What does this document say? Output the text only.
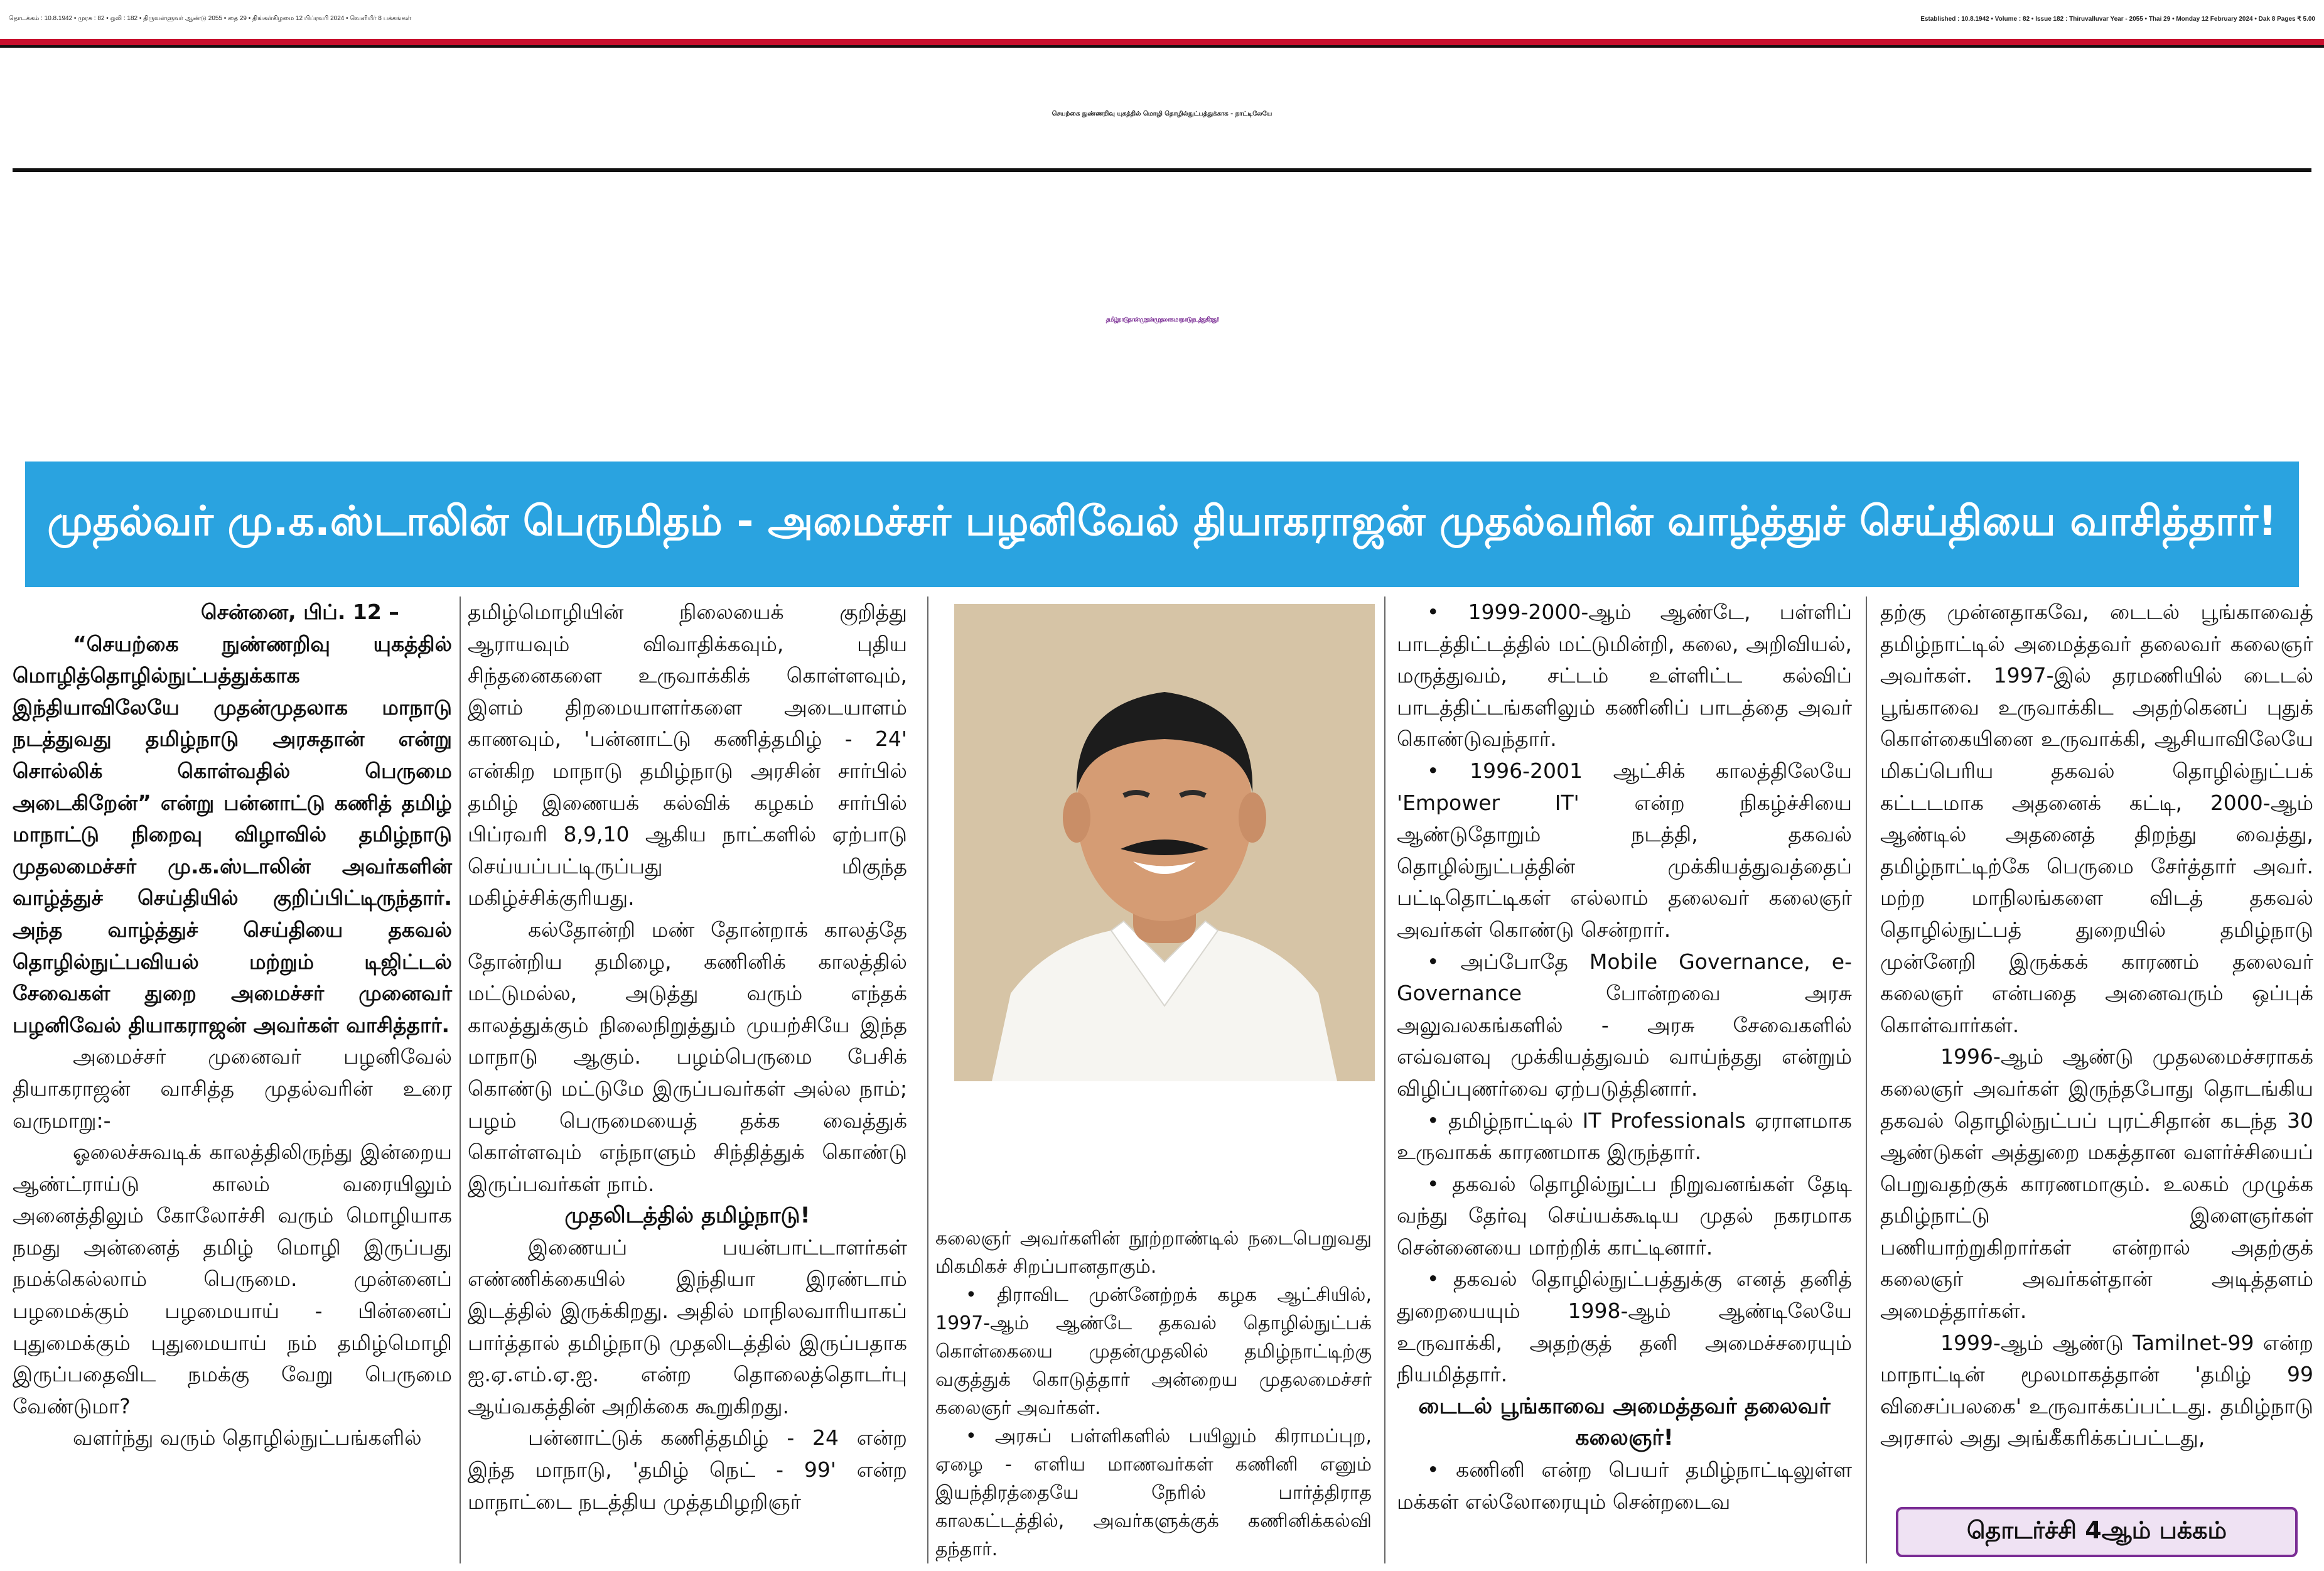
தொடக்கம் : 10.8.1942 • முரசு : 82 • ஒலி : 182 • திருவள்ளுவர் ஆண்டு 2055 • தை 29 • திங்கள்கிழமை 12 பிப்ரவரி 2024 • வெளியீர் 8 பக்கங்கள்	Established : 10.8.1942 • Volume : 82 • Issue 182 : Thiruvalluvar Year - 2055 • Thai 29 • Monday 12 February 2024 • Dak 8 Pages ₹ 5.00
செயற்கை நுண்ணறிவு யுகத்தில் மொழி தொழில்நுட்பத்துக்காக - நாட்டிலேயே
தமிழ்நாடுதான் முதன் முதலாக மாநாடு நடத்துகிறது!
முதல்வர் மு.க.ஸ்டாலின் பெருமிதம் - அமைச்சர் பழனிவேல் தியாகராஜன் முதல்வரின் வாழ்த்துச் செய்தியை வாசித்தார்!

சென்னை, பிப். 12 –

“செயற்கை நுண்ணறிவு யுகத்தில் மொழித்தொழில்நுட்பத்துக்காக இந்தியாவிலேயே முதன்முதலாக மாநாடு நடத்துவது தமிழ்நாடு அரசுதான் என்று சொல்லிக் கொள்வதில் பெருமை அடைகிறேன்” என்று பன்னாட்டு கணித் தமிழ் மாநாட்டு நிறைவு விழாவில் தமிழ்நாடு முதலமைச்சர் மு.க.ஸ்டாலின் அவர்களின் வாழ்த்துச் செய்தியில் குறிப்பிட்டிருந்தார். அந்த வாழ்த்துச் செய்தியை தகவல் தொழில்நுட்பவியல் மற்றும் டிஜிட்டல் சேவைகள் துறை அமைச்சர் முனைவர் பழனிவேல் தியாகராஜன் அவர்கள் வாசித்தார்.

அமைச்சர் முனைவர் பழனிவேல் தியாகராஜன் வாசித்த முதல்வரின் உரை வருமாறு:-

ஓலைச்சுவடிக் காலத்திலிருந்து இன்றைய ஆண்ட்ராய்டு காலம் வரையிலும் அனைத்திலும் கோலோச்சி வரும் மொழியாக நமது அன்னைத் தமிழ் மொழி இருப்பது நமக்கெல்லாம் பெருமை. முன்னைப் பழமைக்கும் பழமையாய் - பின்னைப் புதுமைக்கும் புதுமையாய் நம் தமிழ்மொழி இருப்பதைவிட நமக்கு வேறு பெருமை வேண்டுமா?

வளர்ந்து வரும் தொழில்நுட்பங்களில்

தமிழ்மொழியின் நிலையைக் குறித்து ஆராயவும் விவாதிக்கவும், புதிய சிந்தனைகளை உருவாக்கிக் கொள்ளவும், இளம் திறமையாளர்களை அடையாளம் காணவும், 'பன்னாட்டு கணித்தமிழ் - 24' என்கிற மாநாடு தமிழ்நாடு அரசின் சார்பில் தமிழ் இணையக் கல்விக் கழகம் சார்பில் பிப்ரவரி 8,9,10 ஆகிய நாட்களில் ஏற்பாடு செய்யப்பட்டிருப்பது மிகுந்த மகிழ்ச்சிக்குரியது.

கல்தோன்றி மண் தோன்றாக் காலத்தே தோன்றிய தமிழை, கணினிக் காலத்தில் மட்டுமல்ல, அடுத்து வரும் எந்தக் காலத்துக்கும் நிலைநிறுத்தும் முயற்சியே இந்த மாநாடு ஆகும். பழம்பெருமை பேசிக் கொண்டு மட்டுமே இருப்பவர்கள் அல்ல நாம்; பழம் பெருமையைத் தக்க வைத்துக் கொள்ளவும் எந்நாளும் சிந்தித்துக் கொண்டு இருப்பவர்கள் நாம்.

முதலிடத்தில் தமிழ்நாடு!

இணையப் பயன்பாட்டாளர்கள் எண்ணிக்கையில் இந்தியா இரண்டாம் இடத்தில் இருக்கிறது. அதில் மாநிலவாரியாகப் பார்த்தால் தமிழ்நாடு முதலிடத்தில் இருப்பதாக ஐ.ஏ.எம்.ஏ.ஐ. என்ற தொலைத்தொடர்பு ஆய்வகத்தின் அறிக்கை கூறுகிறது.

பன்னாட்டுக் கணித்தமிழ் - 24 என்ற இந்த மாநாடு, 'தமிழ் நெட் - 99' என்ற மாநாட்டை நடத்திய முத்தமிழறிஞர்

கலைஞர் அவர்களின் நூற்றாண்டில் நடைபெறுவது மிகமிகச் சிறப்பானதாகும்.

• திராவிட முன்னேற்றக் கழக ஆட்சியில், 1997-ஆம் ஆண்டே தகவல் தொழில்நுட்பக் கொள்கையை முதன்முதலில் தமிழ்நாட்டிற்கு வகுத்துக் கொடுத்தார் அன்றைய முதலமைச்சர் கலைஞர் அவர்கள்.

• அரசுப் பள்ளிகளில் பயிலும் கிராமப்புற, ஏழை - எளிய மாணவர்கள் கணினி எனும் இயந்திரத்தையே நேரில் பார்த்திராத காலகட்டத்தில், அவர்களுக்குக் கணினிக்கல்வி தந்தார்.

• 1999-2000-ஆம் ஆண்டே, பள்ளிப் பாடத்திட்டத்தில் மட்டுமின்றி, கலை, அறிவியல், மருத்துவம், சட்டம் உள்ளிட்ட கல்விப் பாடத்திட்டங்களிலும் கணினிப் பாடத்தை அவர் கொண்டுவந்தார்.

• 1996-2001 ஆட்சிக் காலத்திலேயே 'Empower IT' என்ற நிகழ்ச்சியை ஆண்டுதோறும் நடத்தி, தகவல் தொழில்நுட்பத்தின் முக்கியத்துவத்தைப் பட்டிதொட்டிகள் எல்லாம் தலைவர் கலைஞர் அவர்கள் கொண்டு சென்றார்.

• அப்போதே Mobile Governance, e-Governance போன்றவை அரசு அலுவலகங்களில் - அரசு சேவைகளில் எவ்வளவு முக்கியத்துவம் வாய்ந்தது என்றும் விழிப்புணர்வை ஏற்படுத்தினார்.

• தமிழ்நாட்டில் IT Professionals ஏராளமாக உருவாகக் காரணமாக இருந்தார்.

• தகவல் தொழில்நுட்ப நிறுவனங்கள் தேடி வந்து தேர்வு செய்யக்கூடிய முதல் நகரமாக சென்னையை மாற்றிக் காட்டினார்.

• தகவல் தொழில்நுட்பத்துக்கு எனத் தனித் துறையையும் 1998-ஆம் ஆண்டிலேயே உருவாக்கி, அதற்குத் தனி அமைச்சரையும் நியமித்தார்.

டைடல் பூங்காவை அமைத்தவர் தலைவர் கலைஞர்!

• கணினி என்ற பெயர் தமிழ்நாட்டிலுள்ள மக்கள் எல்லோரையும் சென்றடைவ

தற்கு முன்னதாகவே, டைடல் பூங்காவைத் தமிழ்நாட்டில் அமைத்தவர் தலைவர் கலைஞர் அவர்கள். 1997-இல் தரமணியில் டைடல் பூங்காவை உருவாக்கிட அதற்கெனப் புதுக் கொள்கையினை உருவாக்கி, ஆசியாவிலேயே மிகப்பெரிய தகவல் தொழில்நுட்பக் கட்டடமாக அதனைக் கட்டி, 2000-ஆம் ஆண்டில் அதனைத் திறந்து வைத்து, தமிழ்நாட்டிற்கே பெருமை சேர்த்தார் அவர். மற்ற மாநிலங்களை விடத் தகவல் தொழில்நுட்பத் துறையில் தமிழ்நாடு முன்னேறி இருக்கக் காரணம் தலைவர் கலைஞர் என்பதை அனைவரும் ஒப்புக் கொள்வார்கள்.

1996-ஆம் ஆண்டு முதலமைச்சராகக் கலைஞர் அவர்கள் இருந்தபோது தொடங்கிய தகவல் தொழில்நுட்பப் புரட்சிதான் கடந்த 30 ஆண்டுகள் அத்துறை மகத்தான வளர்ச்சியைப் பெறுவதற்குக் காரணமாகும். உலகம் முழுக்க தமிழ்நாட்டு இளைஞர்கள் பணியாற்றுகிறார்கள் என்றால் அதற்குக் கலைஞர் அவர்கள்தான் அடித்தளம் அமைத்தார்கள்.

1999-ஆம் ஆண்டு Tamilnet-99 என்ற மாநாட்டின் மூலமாகத்தான் 'தமிழ் 99 விசைப்பலகை' உருவாக்கப்பட்டது. தமிழ்நாடு அரசால் அது அங்கீகரிக்கப்பட்டது,

தொடர்ச்சி 4ஆம் பக்கம்
